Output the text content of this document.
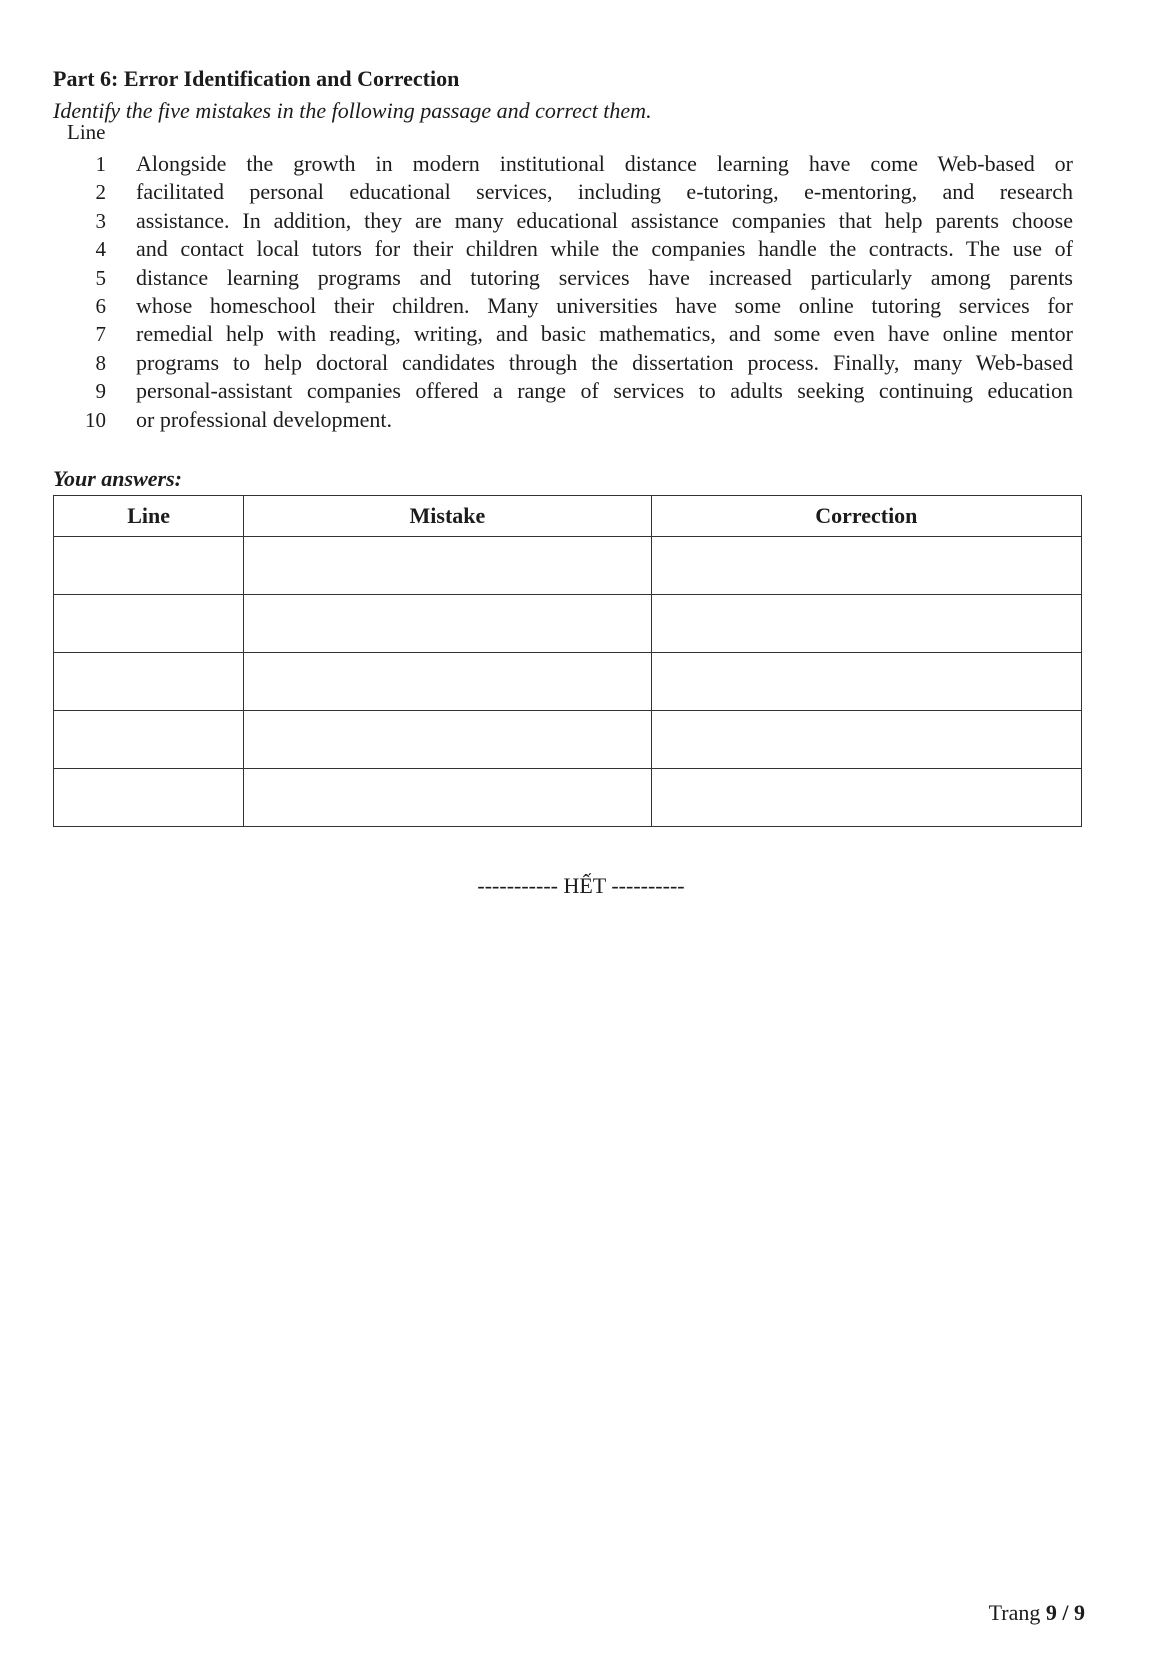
Part 6: Error Identification and Correction

Identify the five mistakes in the following passage and correct them.

Line
1 Alongside the growth in modern institutional distance learning have come Web-based or
2 facilitated personal educational services, including e-tutoring, e-mentoring, and research
3 assistance. In addition, they are many educational assistance companies that help parents choose
4 and contact local tutors for their children while the companies handle the contracts. The use of
5 distance learning programs and tutoring services have increased particularly among parents
6 whose homeschool their children. Many universities have some online tutoring services for
7 remedial help with reading, writing, and basic mathematics, and some even have online mentor
8 programs to help doctoral candidates through the dissertation process. Finally, many Web-based
9 personal-assistant companies offered a range of services to adults seeking continuing education
10 or professional development.
Your answers:
Line	Mistake	Correction

----------- HẾT ----------
Trang 9 / 9
